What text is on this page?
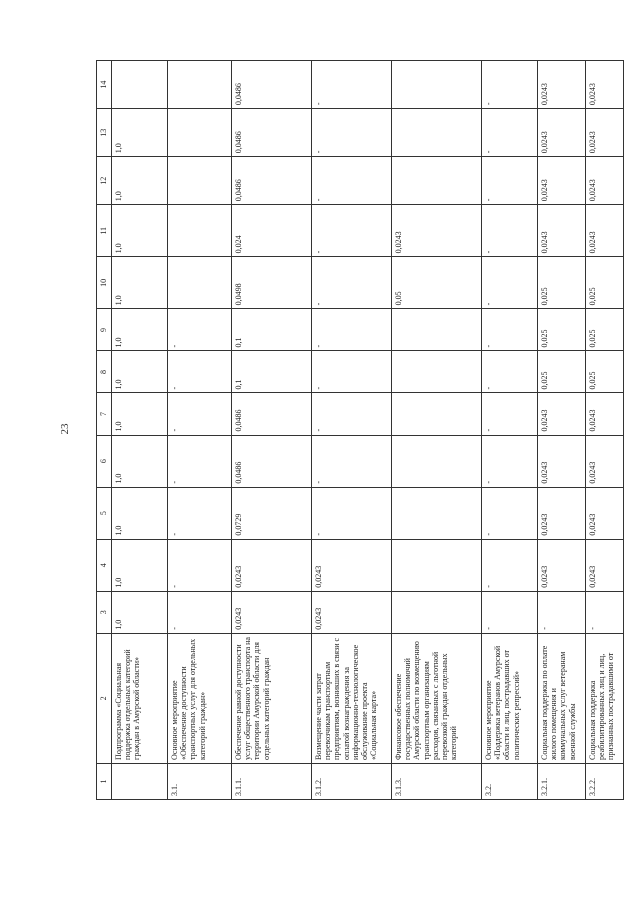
23
1	2	3	4	5	6	7	8	9	10	11	12	13	14
	Подпрограмма «Социальная поддержка отдельных категорий граждан в Амурской области»	1,0	1,0	1,0	1,0	1,0	1,0	1,0	1,0	1,0	1,0	1,0	
3.1.	Основное мероприятие «Обеспечение доступности транспортных услуг для отдельных категорий граждан»	-	-	-	-	-	-	-					
3.1.1.	Обеспечение равной доступности услуг общественного транспорта на территории Амурской области для отдельных категорий граждан	0,0243	0,0243	0,0729	0,0486	0,0486	0,1	0,1	0,0498	0,024	0,0486	0,0486	0,0486
3.1.2.	Возмещение части затрат перевозчикам транспортным предприятиям, возникших в связи с оплатой вознаграждения за информационно-технологическое обслуживание проекта «Социальная карта»	0,0243	0,0243	-	-	-	-	-	-	-	-	-	-
3.1.3.	Финансовое обеспечение государственных полномочий Амурской области по возмещению транспортным организациям расходов, связанных с льготной перевозкой граждан отдельных категорий								0,05	0,0243			
3.2.	Основное мероприятие «Поддержка ветеранов Амурской области и лиц, пострадавших от политических репрессий»	-	-	-	-	-	-	-	-	-	-	-	-
3.2.1.	Социальная поддержка по оплате жилого помещения и коммунальных услуг ветеранам военной службы	-	0,0243	0,0243	0,0243	0,0243	0,025	0,025	0,025	0,0243	0,0243	0,0243	0,0243
3.2.2.	Социальная поддержка реабилитированных лиц и лиц, признанных пострадавшими от	-	0,0243	0,0243	0,0243	0,0243	0,025	0,025	0,025	0,0243	0,0243	0,0243	0,0243
